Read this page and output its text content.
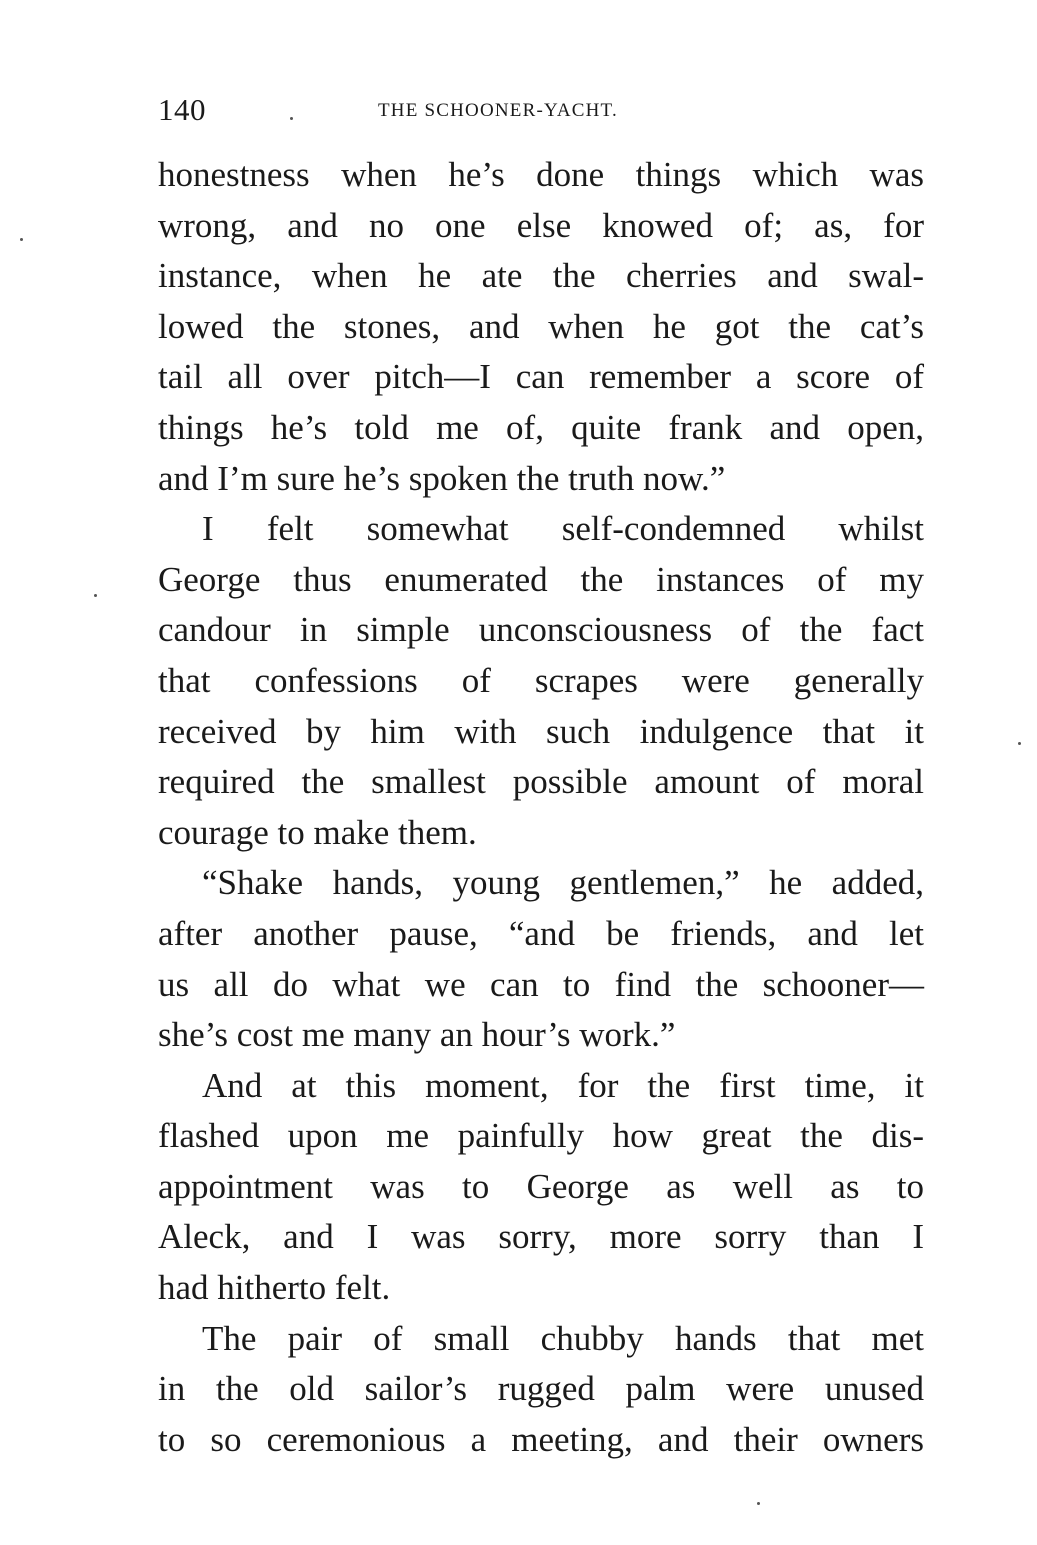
140	THE SCHOONER-YACHT.
honestness when he’s done things which was
wrong, and no one else knowed of; as, for
instance, when he ate the cherries and swal-
lowed the stones, and when he got the cat’s
tail all over pitch—I can remember a score of
things he’s told me of, quite frank and open,
and I’m sure he’s spoken the truth now.”
I felt somewhat self-condemned whilst
George thus enumerated the instances of my
candour in simple unconsciousness of the fact
that confessions of scrapes were generally
received by him with such indulgence that it
required the smallest possible amount of moral
courage to make them.
“Shake hands, young gentlemen,” he added,
after another pause, “and be friends, and let
us all do what we can to find the schooner—
she’s cost me many an hour’s work.”
And at this moment, for the first time, it
flashed upon me painfully how great the dis-
appointment was to George as well as to
Aleck, and I was sorry, more sorry than I
had hitherto felt.
The pair of small chubby hands that met
in the old sailor’s rugged palm were unused
to so ceremonious a meeting, and their owners
